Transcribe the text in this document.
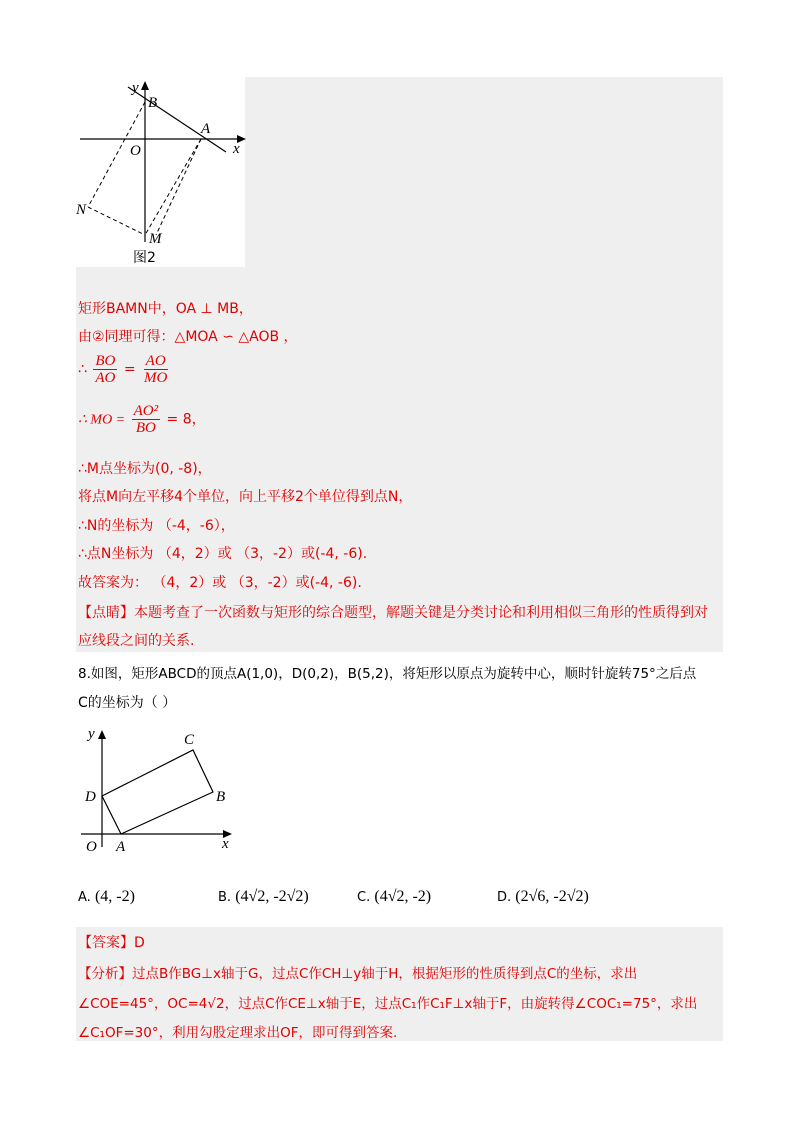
y
B
A
O	x
N
M
图2
矩形BAMN中，OA ⊥ MB，
由②同理可得：△MOA ∽ △AOB ，
∴ $\frac{BO}{AO} = \frac{AO}{MO}$
∴ MO = $\frac{\text{AO²}}{BO} = 8$，
∴M点坐标为(0, -8)，
将点M向左平移4个单位，向上平移2个单位得到点N，
∴N的坐标为 （-4，-6），
∴点N坐标为 （4，2）或 （3，-2）或(-4, -6).
故答案为： （4，2）或 （3，-2）或(-4, -6).
【点睛】本题考查了一次函数与矩形的综合题型，解题关键是分类讨论和利用相似三角形的性质得到对
应线段之间的关系.
8.如图，矩形ABCD的顶点A(1,0)，D(0,2)，B(5,2)，将矩形以原点为旋转中心，顺时针旋转75°之后点
C的坐标为（ ）
y	C
D	B
O A	x
A. (4, -2)	B. (4√2, -2√2)	C. (4√2, -2)	D. (2√6, -2√2)
【答案】D
【分析】过点B作BG⊥x轴于G，过点C作CH⊥y轴于H，根据矩形的性质得到点C的坐标，求出
∠COE=45°，OC=4√2，过点C作CE⊥x轴于E，过点C₁作C₁F⊥x轴于F，由旋转得∠COC₁=75°，求出
∠C₁OF=30°，利用勾股定理求出OF，即可得到答案.
